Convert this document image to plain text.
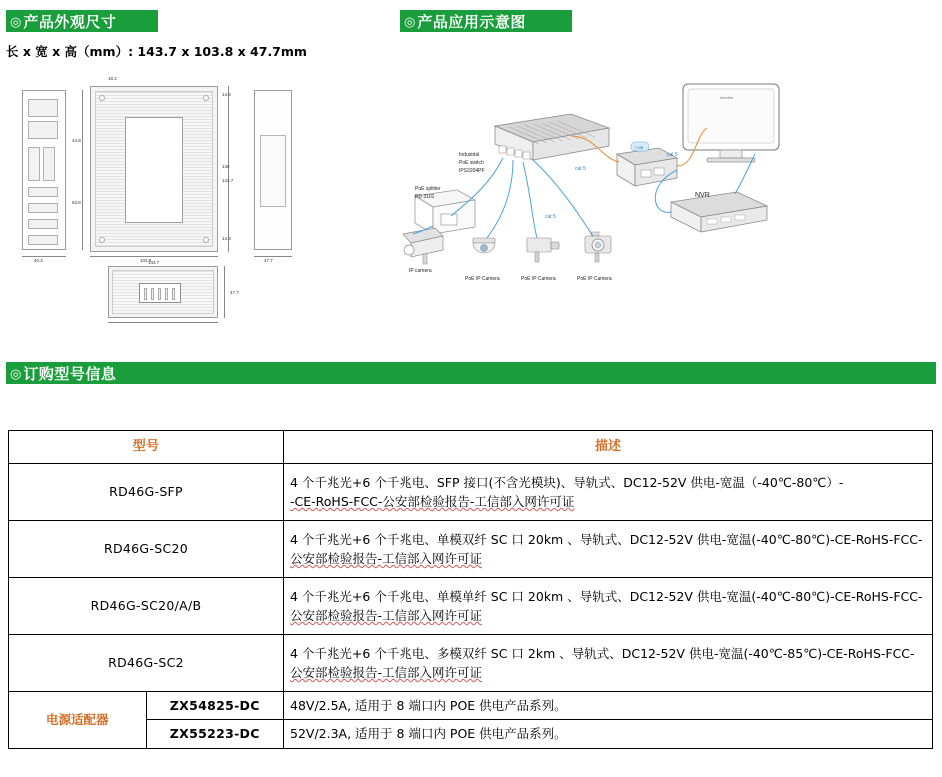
◎ 产品外观尺寸	◎ 产品应用示意图
长 x 宽 x 高（mm）: 143.7 x 103.8 x 47.7mm
18.2
44.8
54.8
40.3	103.8	47.7
14.5
138
143.7
14.3
143.7
47.7
monitor
7 MB
Industrial
PoE switch
IPS3204PF
PoE splitter
PD 3101
cat 5
cat 5
cat 5
NVR
IP camera
PoE IP Camera	PoE IP Camera	PoE IP Camera
◎ 订购型号信息
型号		描述
RD46G-SFP		4 个千兆光+6 个千兆电、SFP 接口(不含光模块)、导轨式、DC12-52V 供电-宽温（-40℃-80℃）-
-CE-RoHS-FCC-公安部检验报告-工信部入网许可证

RD46G-SC20		4 个千兆光+6 个千兆电、单模双纤 SC 口 20km 、导轨式、DC12-52V 供电-宽温(-40℃-80℃)-CE-RoHS-FCC-
公安部检验报告-工信部入网许可证

RD46G-SC20/A/B		4 个千兆光+6 个千兆电、单模单纤 SC 口 20km 、导轨式、DC12-52V 供电-宽温(-40℃-80℃)-CE-RoHS-FCC-
公安部检验报告-工信部入网许可证

RD46G-SC2		4 个千兆光+6 个千兆电、多模双纤 SC 口 2km 、导轨式、DC12-52V 供电-宽温(-40℃-85℃)-CE-RoHS-FCC-
公安部检验报告-工信部入网许可证

电源适配器	ZX54825-DC	48V/2.5A, 适用于 8 端口内 POE 供电产品系列。
	ZX55223-DC	52V/2.3A, 适用于 8 端口内 POE 供电产品系列。
